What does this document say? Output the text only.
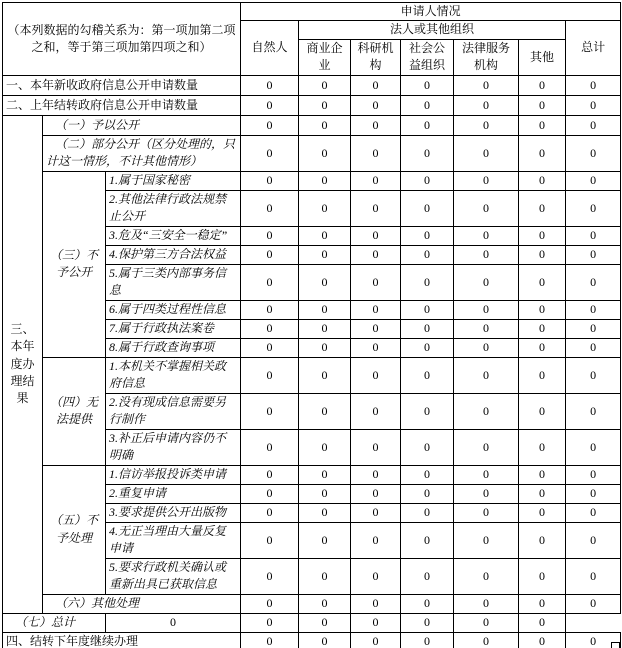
（本列数据的勾稽关系为：第一项加第二项之和，等于第三项加第四项之和）			申请人情况						
			自然人	法人或其他组织					总计
				商业企业	科研机构	社会公益组织	法律服务机构	其他	
一、本年新收政府信息公开申请数量			0	0	0	0	0	0	0
二、上年结转政府信息公开申请数量			0	0	0	0	0	0	0
三、本年度办理结果	（一）予以公开		0	0	0	0	0	0	0
	（二）部分公开（区分处理的，只计这一情形，不计其他情形）		0	0	0	0	0	0	0
	（三）不予公开	1.属于国家秘密	0	0	0	0	0	0	0
		2.其他法律行政法规禁止公开	0	0	0	0	0	0	0
		3.危及“三安全一稳定”	0	0	0	0	0	0	0
		4.保护第三方合法权益	0	0	0	0	0	0	0
		5.属于三类内部事务信息	0	0	0	0	0	0	0
		6.属于四类过程性信息	0	0	0	0	0	0	0
		7.属于行政执法案卷	0	0	0	0	0	0	0
		8.属于行政查询事项	0	0	0	0	0	0	0
	（四）无法提供	1.本机关不掌握相关政府信息	0	0	0	0	0	0	0
		2.没有现成信息需要另行制作	0	0	0	0	0	0	0
		3.补正后申请内容仍不明确	0	0	0	0	0	0	0
	（五）不予处理	1.信访举报投诉类申请	0	0	0	0	0	0	0
		2.重复申请	0	0	0	0	0	0	0
		3.要求提供公开出版物	0	0	0	0	0	0	0
		4.无正当理由大量反复申请	0	0	0	0	0	0	0
		5.要求行政机关确认或重新出具已获取信息	0	0	0	0	0	0	0
	（六）其他处理		0	0	0	0	0	0	0
（七）总计		0	0	0	0	0	0	0	
四、结转下年度继续办理			0	0	0	0	0	0	0
